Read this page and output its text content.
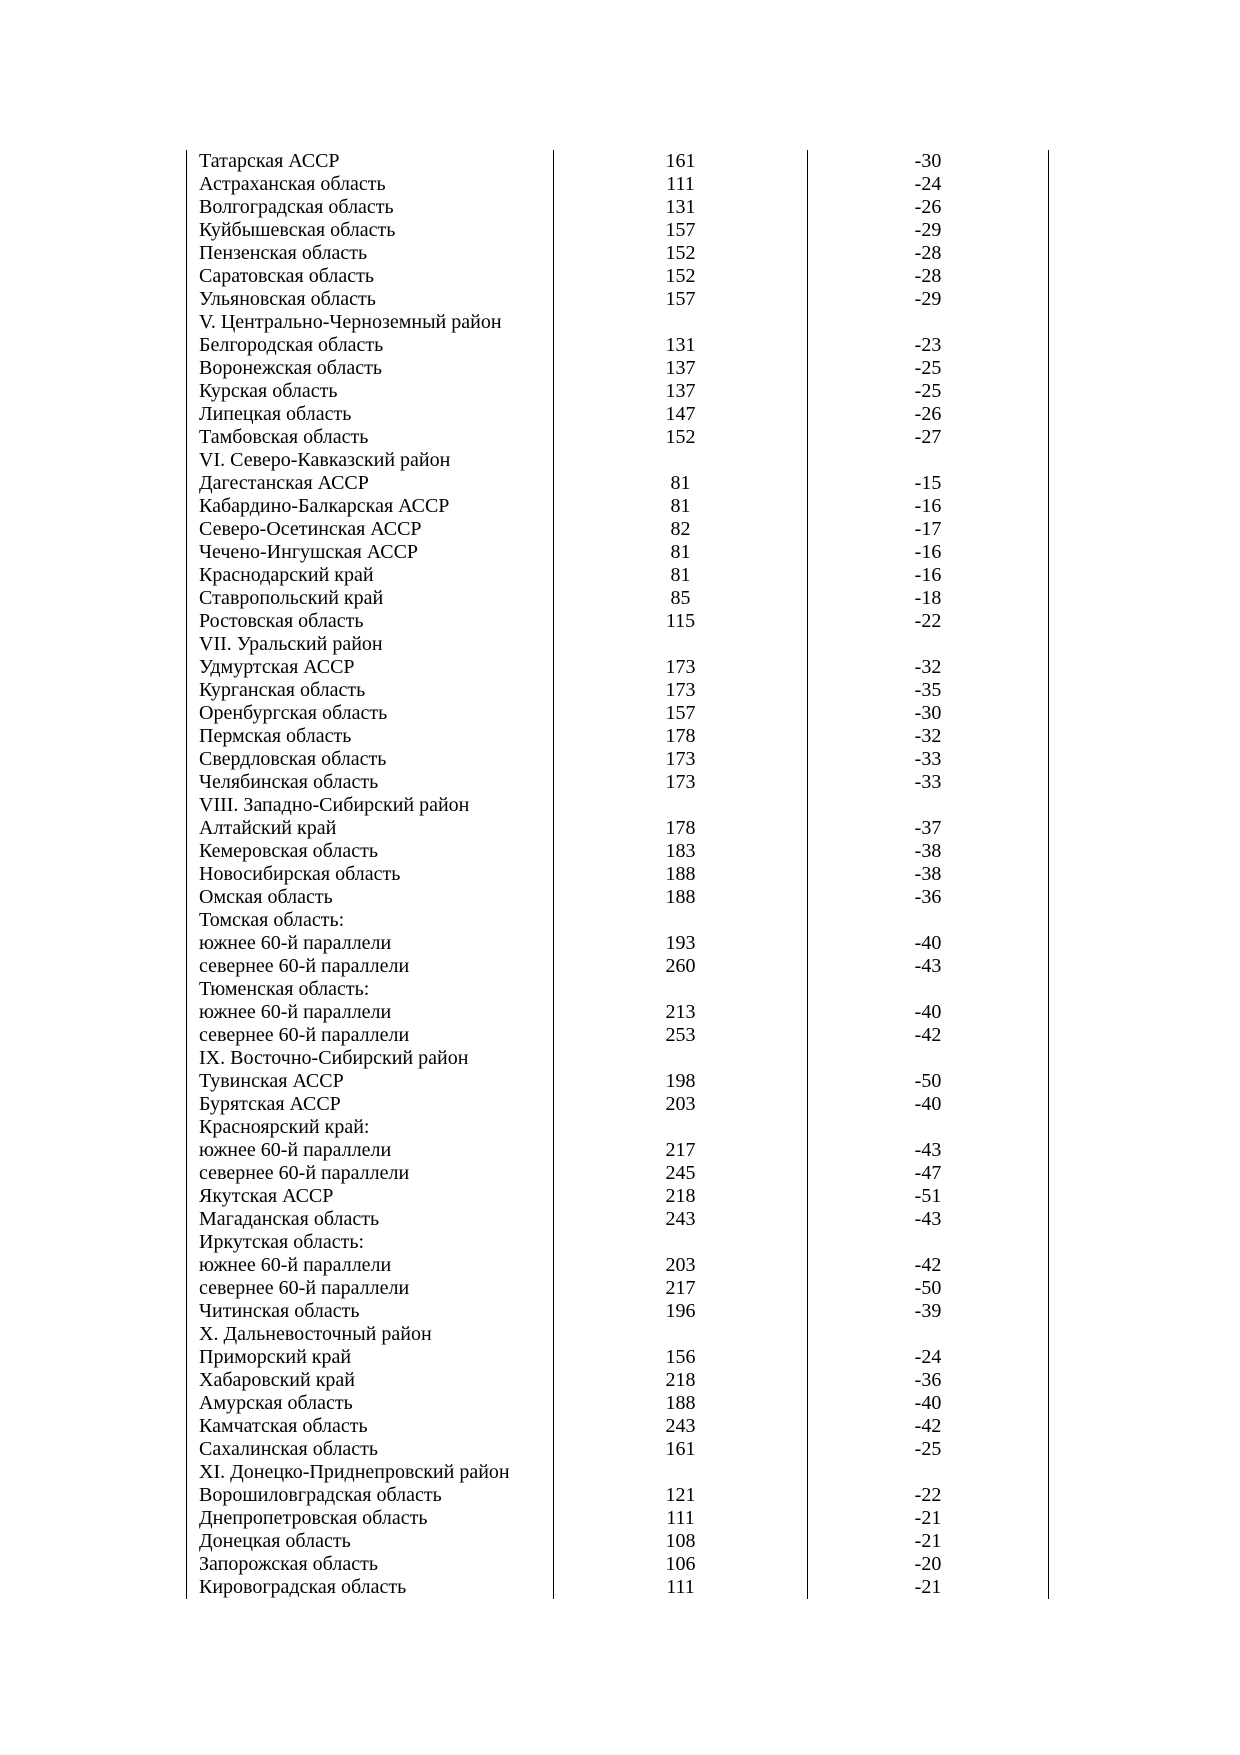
Татарская АССР	161	-30
Астраханская область	111	-24
Волгоградская область	131	-26
Куйбышевская область	157	-29
Пензенская область	152	-28
Саратовская область	152	-28
Ульяновская область	157	-29
V. Центрально-Черноземный район		
Белгородская область	131	-23
Воронежская область	137	-25
Курская область	137	-25
Липецкая область	147	-26
Тамбовская область	152	-27
VI. Северо-Кавказский район		
Дагестанская АССР	81	-15
Кабардино-Балкарская АССР	81	-16
Северо-Осетинская АССР	82	-17
Чечено-Ингушская АССР	81	-16
Краснодарский край	81	-16
Ставропольский край	85	-18
Ростовская область	115	-22
VII. Уральский район		
Удмуртская АССР	173	-32
Курганская область	173	-35
Оренбургская область	157	-30
Пермская область	178	-32
Свердловская область	173	-33
Челябинская область	173	-33
VIII. Западно-Сибирский район		
Алтайский край	178	-37
Кемеровская область	183	-38
Новосибирская область	188	-38
Омская область	188	-36
Томская область:		
южнее 60-й параллели	193	-40
севернее 60-й параллели	260	-43
Тюменская область:		
южнее 60-й параллели	213	-40
севернее 60-й параллели	253	-42
IX. Восточно-Сибирский район		
Тувинская АССР	198	-50
Бурятская АССР	203	-40
Красноярский край:		
южнее 60-й параллели	217	-43
севернее 60-й параллели	245	-47
Якутская АССР	218	-51
Магаданская область	243	-43
Иркутская область:		
южнее 60-й параллели	203	-42
севернее 60-й параллели	217	-50
Читинская область	196	-39
X. Дальневосточный район		
Приморский край	156	-24
Хабаровский край	218	-36
Амурская область	188	-40
Камчатская область	243	-42
Сахалинская область	161	-25
XI. Донецко-Приднепровский район		
Ворошиловградская область	121	-22
Днепропетровская область	111	-21
Донецкая область	108	-21
Запорожская область	106	-20
Кировоградская область	111	-21
